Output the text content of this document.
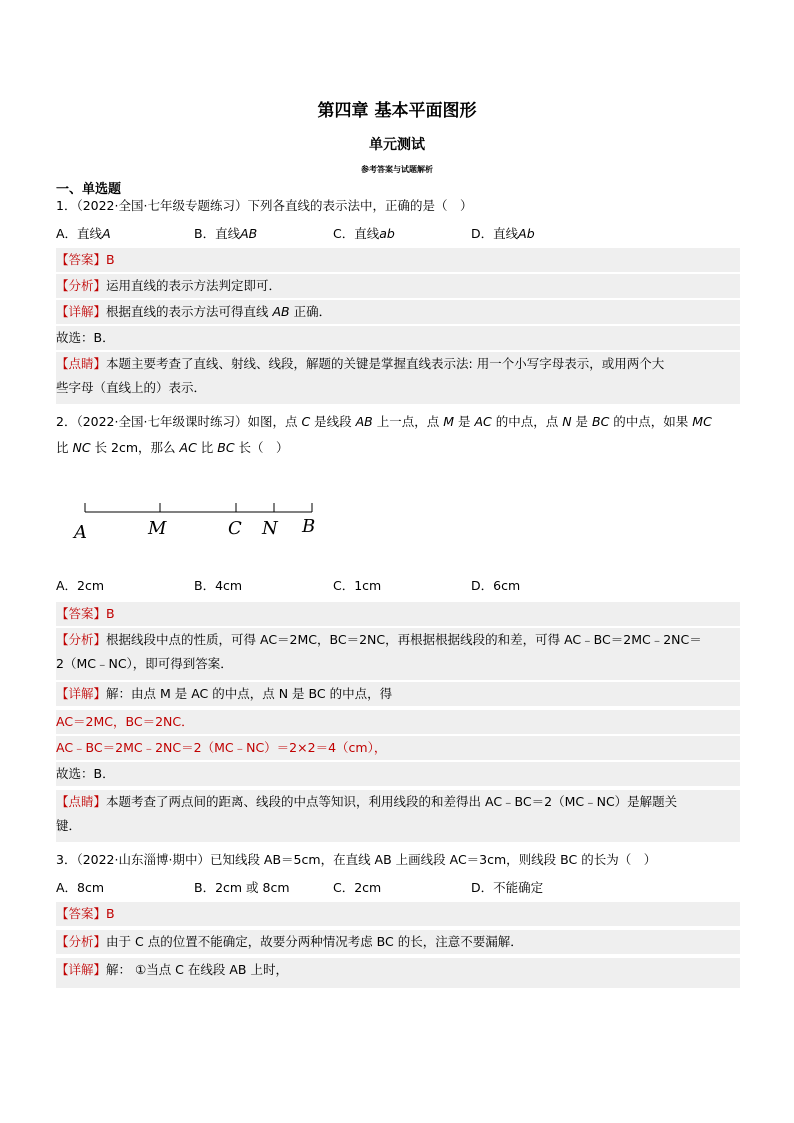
第四章 基本平面图形
单元测试
参考答案与试题解析
一、单选题
1．（2022·全国·七年级专题练习）下列各直线的表示法中，正确的是（　）
A．直线A	B．直线AB	C．直线ab	D．直线Ab
【答案】B
【分析】运用直线的表示方法判定即可．
【详解】根据直线的表示方法可得直线 AB 正确．
故选：B．
【点睛】本题主要考查了直线、射线、线段，解题的关键是掌握直线表示法: 用一个小写字母表示，或用两个大
些字母（直线上的）表示．
2．（2022·全国·七年级课时练习）如图，点 C 是线段 AB 上一点，点 M 是 AC 的中点，点 N 是 BC 的中点，如果 MC
比 NC 长 2cm，那么 AC 比 BC 长（　）
A	M	C N B
A．2cm	B．4cm	C．1cm	D．6cm
【答案】B
【分析】根据线段中点的性质，可得 AC＝2MC，BC＝2NC，再根据根据线段的和差，可得 AC﹣BC＝2MC﹣2NC＝
2（MC﹣NC），即可得到答案．
【详解】解：由点 M 是 AC 的中点，点 N 是 BC 的中点，得
AC＝2MC，BC＝2NC．
AC﹣BC＝2MC﹣2NC＝2（MC﹣NC）＝2×2＝4（cm），
故选：B．
【点睛】本题考查了两点间的距离、线段的中点等知识，利用线段的和差得出 AC﹣BC＝2（MC﹣NC）是解题关
键．
3．（2022·山东淄博·期中）已知线段 AB＝5cm，在直线 AB 上画线段 AC＝3cm，则线段 BC 的长为（　）
A．8cm	B．2cm 或 8cm	C．2cm	D．不能确定
【答案】B
【分析】由于 C 点的位置不能确定，故要分两种情况考虑 BC 的长，注意不要漏解．
【详解】解： ①当点 C 在线段 AB 上时，
